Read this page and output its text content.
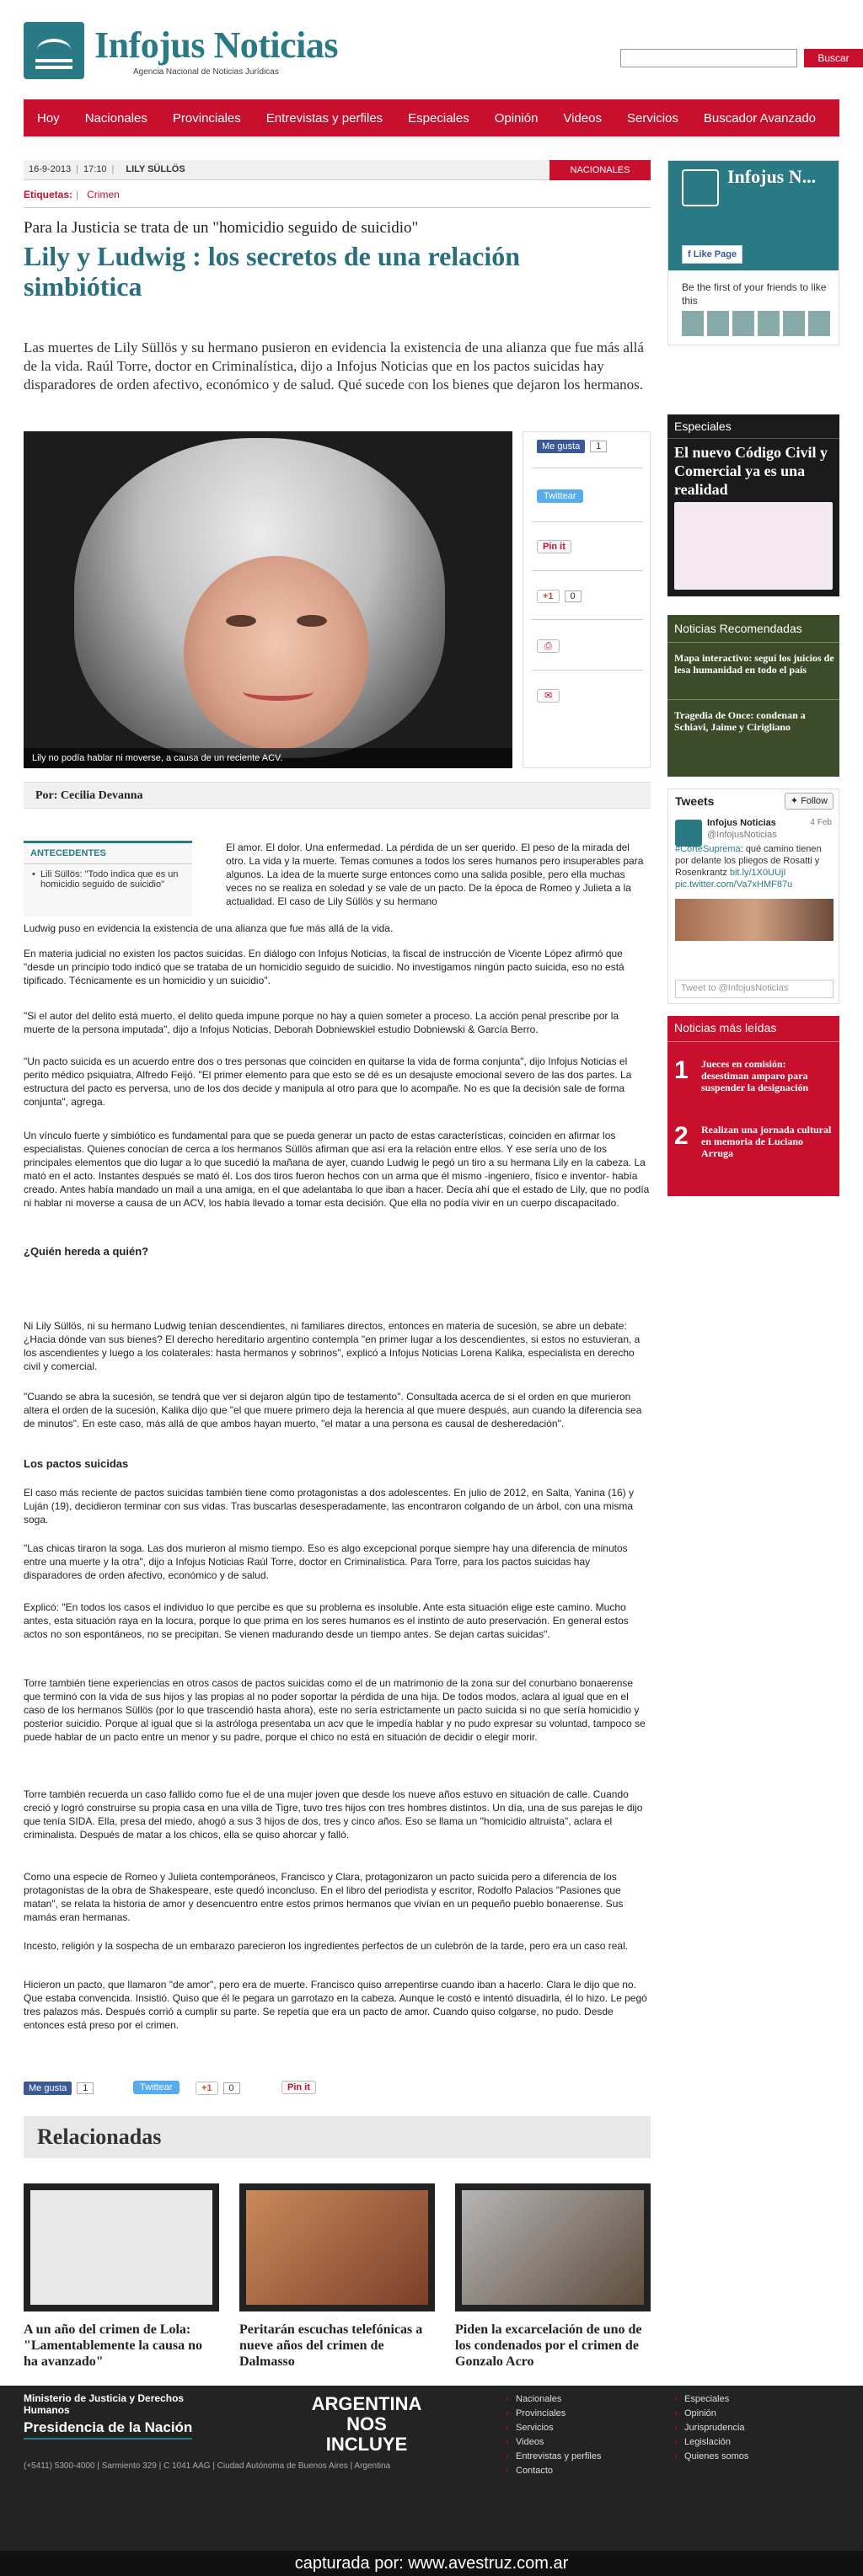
Infojus Noticias
Agencia Nacional de Noticias Jurídicas
Buscar
Hoy Nacionales Provinciales Entrevistas y perfiles Especiales Opinión Videos Servicios Buscador Avanzado
16-9-2013 | 17:10 | LILY SÜLLÖS	NACIONALES
Etiquetas: | Crimen
Para la Justicia se trata de un "homicidio seguido de suicidio"
Lily y Ludwig : los secretos de una relación simbiótica
Las muertes de Lily Süllös y su hermano pusieron en evidencia la existencia de una alianza que fue más allá de la vida. Raúl Torre, doctor en Criminalística, dijo a Infojus Noticias que en los pactos suicidas hay disparadores de orden afectivo, económico y de salud. Qué sucede con los bienes que dejaron los hermanos.
Lily no podía hablar ni moverse, a causa de un reciente ACV.
Me gusta 1
Twittear
Pin it
+1 0
⎙
✉
Por: Cecilia Devanna
ANTECEDENTES
• Lili Süllös: "Todo indica que es un homicidio seguido de suicidio"
El amor. El dolor. Una enfermedad. La pérdida de un ser querido. El peso de la mirada del otro. La vida y la muerte. Temas comunes a todos los seres humanos pero insuperables para algunos. La idea de la muerte surge entonces como una salida posible, pero ella muchas veces no se realiza en soledad y se vale de un pacto. De la época de Romeo y Julieta a la actualidad. El caso de Lily Süllös y su hermano
Ludwig puso en evidencia la existencia de una alianza que fue más allá de la vida.
En materia judicial no existen los pactos suicidas. En diálogo con Infojus Noticias, la fiscal de instrucción de Vicente López afirmó que "desde un principio todo indicó que se trataba de un homicidio seguido de suicidio. No investigamos ningún pacto suicida, eso no está tipificado. Técnicamente es un homicidio y un suicidio".
"Si el autor del delito está muerto, el delito queda impune porque no hay a quien someter a proceso. La acción penal prescribe por la muerte de la persona imputada", dijo a Infojus Noticias, Deborah Dobniewskiel estudio Dobniewski & García Berro.
"Un pacto suicida es un acuerdo entre dos o tres personas que coinciden en quitarse la vida de forma conjunta", dijo Infojus Noticias el perito médico psiquiatra, Alfredo Feijó. "El primer elemento para que esto se dé es un desajuste emocional severo de las dos partes. La estructura del pacto es perversa, uno de los dos decide y manipula al otro para que lo acompañe. No es que la decisión sale de forma conjunta", agrega.
Un vínculo fuerte y simbiótico es fundamental para que se pueda generar un pacto de estas características, coinciden en afirmar los especialistas. Quienes conocían de cerca a los hermanos Süllös afirman que así era la relación entre ellos. Y ese sería uno de los principales elementos que dio lugar a lo que sucedió la mañana de ayer, cuando Ludwig le pegó un tiro a su hermana Lily en la cabeza. La mató en el acto. Instantes después se mató él. Los dos tiros fueron hechos con un arma que él mismo -ingeniero, físico e inventor- había creado. Antes había mandado un mail a una amiga, en el que adelantaba lo que iban a hacer. Decía ahí que el estado de Lily, que no podía ni hablar ni moverse a causa de un ACV, los había llevado a tomar esta decisión. Que ella no podía vivir en un cuerpo discapacitado.
¿Quién hereda a quién?
Ni Lily Süllös, ni su hermano Ludwig tenían descendientes, ni familiares directos, entonces en materia de sucesión, se abre un debate: ¿Hacia dónde van sus bienes? El derecho hereditario argentino contempla "en primer lugar a los descendientes, si estos no estuvieran, a los ascendientes y luego a los colaterales: hasta hermanos y sobrinos", explicó a Infojus Noticias Lorena Kalika, especialista en derecho civil y comercial.
"Cuando se abra la sucesión, se tendrá que ver si dejaron algún tipo de testamento". Consultada acerca de si el orden en que murieron altera el orden de la sucesión, Kalika dijo que "el que muere primero deja la herencia al que muere después, aun cuando la diferencia sea de minutos". En este caso, más allá de que ambos hayan muerto, "el matar a una persona es causal de desheredación".
Los pactos suicidas
El caso más reciente de pactos suicidas también tiene como protagonistas a dos adolescentes. En julio de 2012, en Salta, Yanina (16) y Luján (19), decidieron terminar con sus vidas. Tras buscarlas desesperadamente, las encontraron colgando de un árbol, con una misma soga.
"Las chicas tiraron la soga. Las dos murieron al mismo tiempo. Eso es algo excepcional porque siempre hay una diferencia de minutos entre una muerte y la otra", dijo a Infojus Noticias Raúl Torre, doctor en Criminalística. Para Torre, para los pactos suicidas hay disparadores de orden afectivo, económico y de salud.
Explicó: "En todos los casos el individuo lo que percibe es que su problema es insoluble. Ante esta situación elige este camino. Mucho antes, esta situación raya en la locura, porque lo que prima en los seres humanos es el instinto de auto preservación. En general estos actos no son espontáneos, no se precipitan. Se vienen madurando desde un tiempo antes. Se dejan cartas suicidas".
Torre también tiene experiencias en otros casos de pactos suicidas como el de un matrimonio de la zona sur del conurbano bonaerense que terminó con la vida de sus hijos y las propias al no poder soportar la pérdida de una hija. De todos modos, aclara al igual que en el caso de los hermanos Süllös (por lo que trascendió hasta ahora), este no sería estrictamente un pacto suicida si no que sería homicidio y posterior suicidio. Porque al igual que si la astróloga presentaba un acv que le impedía hablar y no pudo expresar su voluntad, tampoco se puede hablar de un pacto entre un menor y su padre, porque el chico no está en situación de decidir o elegir morir.
Torre también recuerda un caso fallido como fue el de una mujer joven que desde los nueve años estuvo en situación de calle. Cuando creció y logró construirse su propia casa en una villa de Tigre, tuvo tres hijos con tres hombres distintos. Un día, una de sus parejas le dijo que tenía SIDA. Ella, presa del miedo, ahogó a sus 3 hijos de dos, tres y cinco años. Eso se llama un "homicidio altruista", aclara el criminalista. Después de matar a los chicos, ella se quiso ahorcar y falló.
Como una especie de Romeo y Julieta contemporáneos, Francisco y Clara, protagonizaron un pacto suicida pero a diferencia de los protagonistas de la obra de Shakespeare, este quedó inconcluso. En el libro del periodista y escritor, Rodolfo Palacios "Pasiones que matan", se relata la historia de amor y desencuentro entre estos primos hermanos que vivían en un pequeño pueblo bonaerense. Sus mamás eran hermanas.
Incesto, religión y la sospecha de un embarazo parecieron los ingredientes perfectos de un culebrón de la tarde, pero era un caso real.
Hicieron un pacto, que llamaron "de amor", pero era de muerte. Francisco quiso arrepentirse cuando iban a hacerlo. Clara le dijo que no. Que estaba convencida. Insistió. Quiso que él le pegara un garrotazo en la cabeza. Aunque le costó e intentó disuadirla, él lo hizo. Le pegó tres palazos más. Después corrió a cumplir su parte. Se repetía que era un pacto de amor. Cuando quiso colgarse, no pudo. Desde entonces está preso por el crimen.
Me gusta 1	Twittear	+1 0	Pin it
Relacionadas
A un año del crimen de Lola: "Lamentablemente la causa no ha avanzado"
Peritarán escuchas telefónicas a nueve años del crimen de Dalmasso
Piden la excarcelación de uno de los condenados por el crimen de Gonzalo Acro
Infojus N...
f Like Page
Be the first of your friends to like this
Especiales
El nuevo Código Civil y Comercial ya es una realidad
Noticias Recomendadas
Mapa interactivo: seguí los juicios de lesa humanidad en todo el país
Tragedia de Once: condenan a Schiavi, Jaime y Cirigliano
Tweets	✦ Follow
Infojus Noticias
@InfojusNoticias
4 Feb
#CorteSuprema: qué camino tienen por delante los pliegos de Rosatti y Rosenkrantz bit.ly/1X0UUjI pic.twitter.com/Va7xHMF87u
Tweet to @InfojusNoticias
Noticias más leídas
1 Jueces en comisión: desestiman amparo para suspender la designación
2 Realizan una jornada cultural en memoria de Luciano Arruga
Ministerio de Justicia y Derechos Humanos
Presidencia de la Nación
ARGENTINA NOS INCLUYE
(+5411) 5300-4000 | Sarmiento 329 | C 1041 AAG | Ciudad Autónoma de Buenos Aires | Argentina
› Nacionales
› Provinciales
› Servicios
› Videos
› Entrevistas y perfiles
› Contacto
› Especiales
› Opinión
› Jurisprudencia
› Legislación
› Quienes somos
capturada por: www.avestruz.com.ar
